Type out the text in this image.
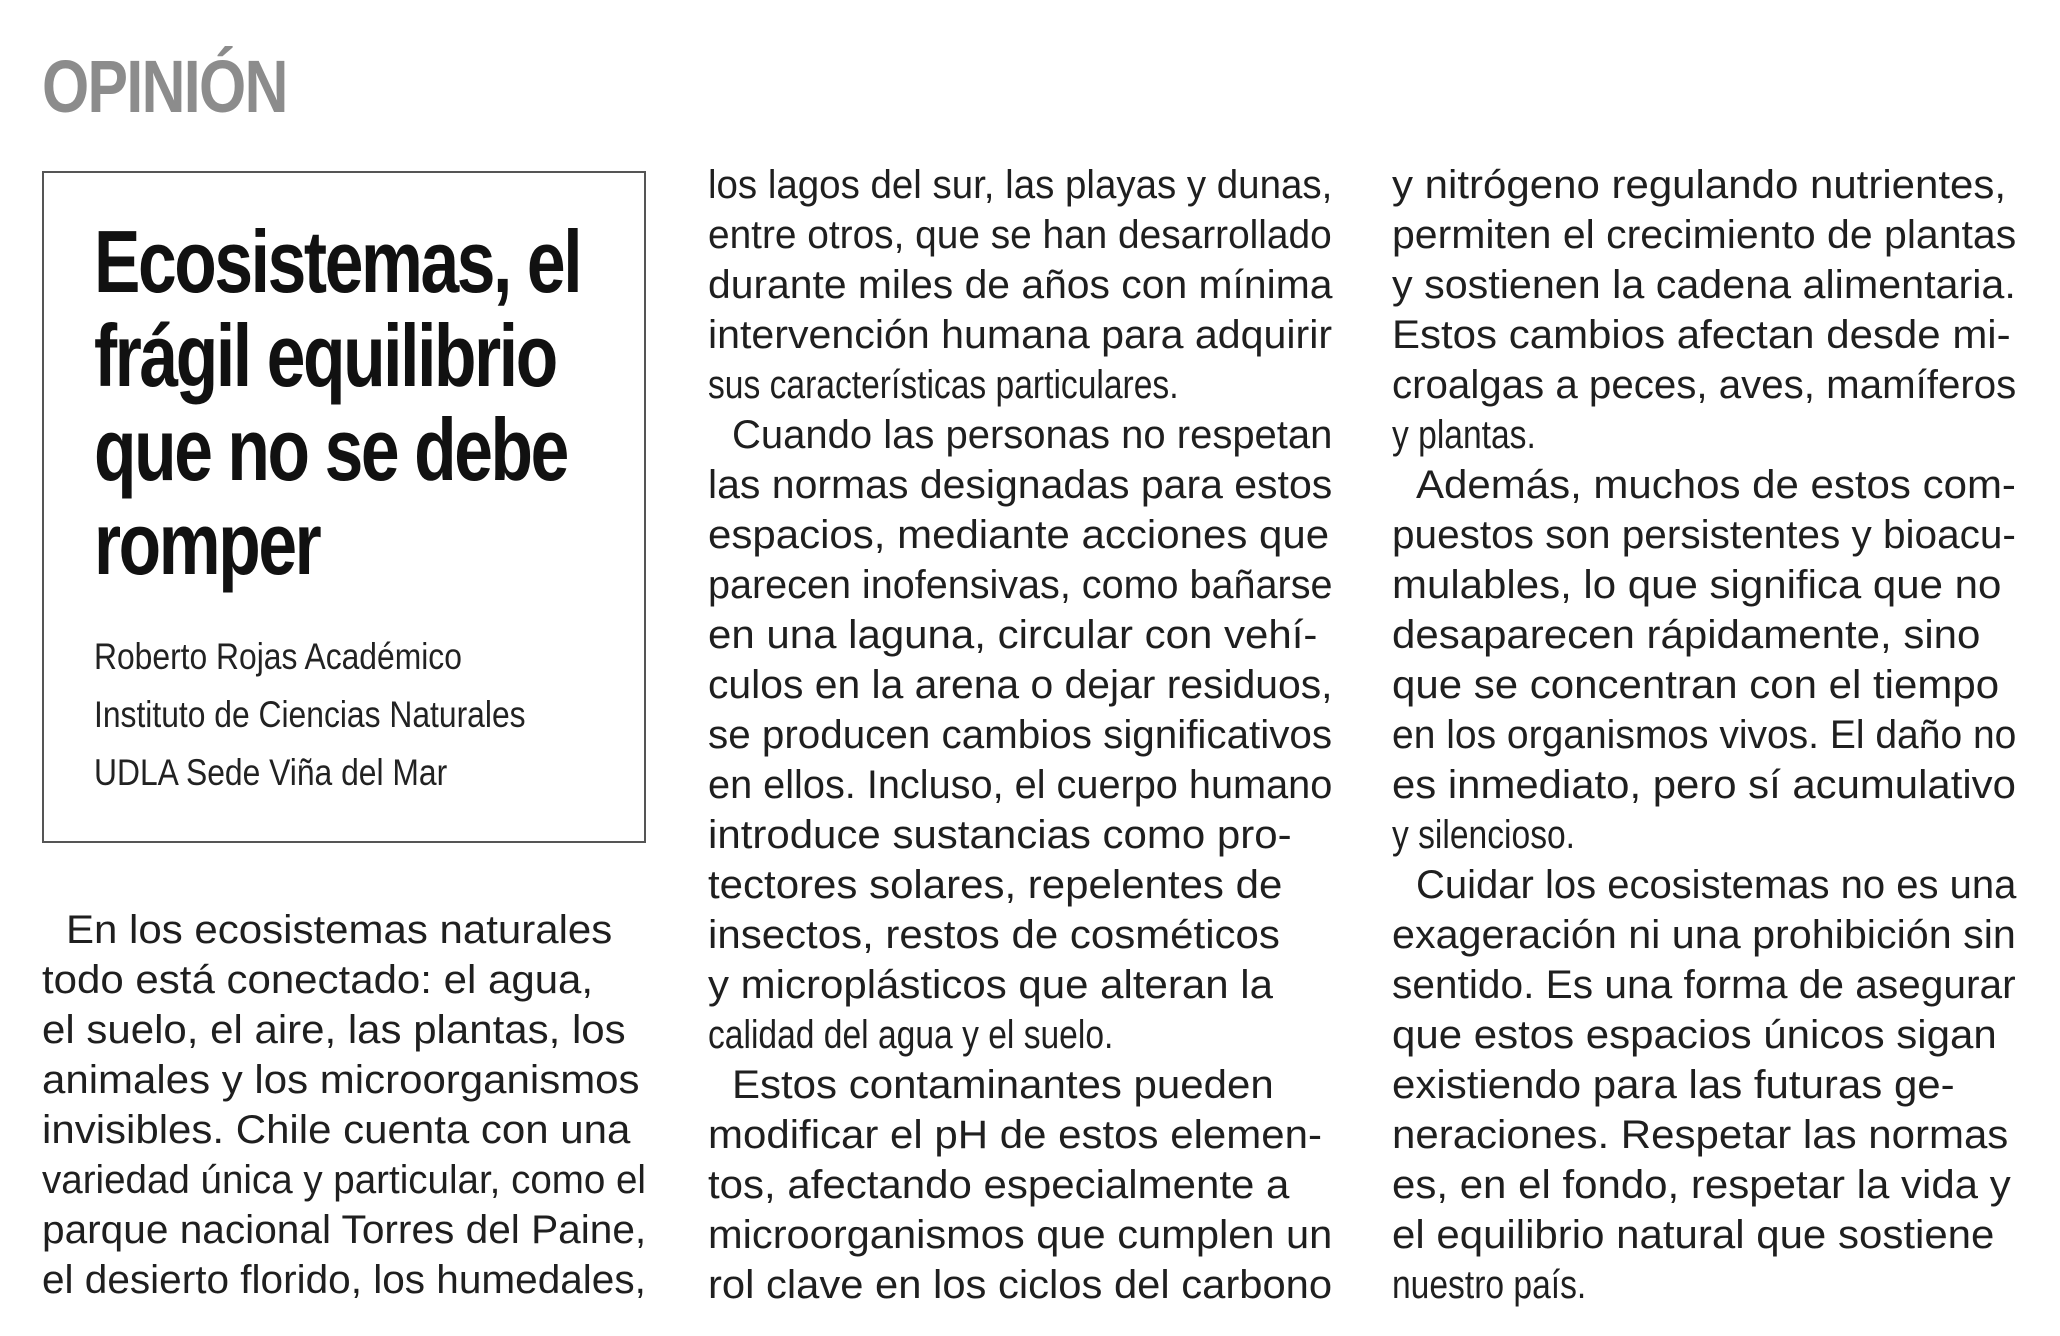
OPINIÓN
Ecosistemas, el
frágil equilibrio
que no se debe
romper
Roberto Rojas Académico
Instituto de Ciencias Naturales
UDLA Sede Viña del Mar
En los ecosistemas naturales
todo está conectado: el agua,
el suelo, el aire, las plantas, los
animales y los microorganismos
invisibles. Chile cuenta con una
variedad única y particular, como el
parque nacional Torres del Paine,
el desierto florido, los humedales,
los lagos del sur, las playas y dunas,
entre otros, que se han desarrollado
durante miles de años con mínima
intervención humana para adquirir
sus características particulares.
Cuando las personas no respetan
las normas designadas para estos
espacios, mediante acciones que
parecen inofensivas, como bañarse
en una laguna, circular con vehí-
culos en la arena o dejar residuos,
se producen cambios significativos
en ellos. Incluso, el cuerpo humano
introduce sustancias como pro-
tectores solares, repelentes de
insectos, restos de cosméticos
y microplásticos que alteran la
calidad del agua y el suelo.
Estos contaminantes pueden
modificar el pH de estos elemen-
tos, afectando especialmente a
microorganismos que cumplen un
rol clave en los ciclos del carbono
y nitrógeno regulando nutrientes,
permiten el crecimiento de plantas
y sostienen la cadena alimentaria.
Estos cambios afectan desde mi-
croalgas a peces, aves, mamíferos
y plantas.
Además, muchos de estos com-
puestos son persistentes y bioacu-
mulables, lo que significa que no
desaparecen rápidamente, sino
que se concentran con el tiempo
en los organismos vivos. El daño no
es inmediato, pero sí acumulativo
y silencioso.
Cuidar los ecosistemas no es una
exageración ni una prohibición sin
sentido. Es una forma de asegurar
que estos espacios únicos sigan
existiendo para las futuras ge-
neraciones. Respetar las normas
es, en el fondo, respetar la vida y
el equilibrio natural que sostiene
nuestro país.
